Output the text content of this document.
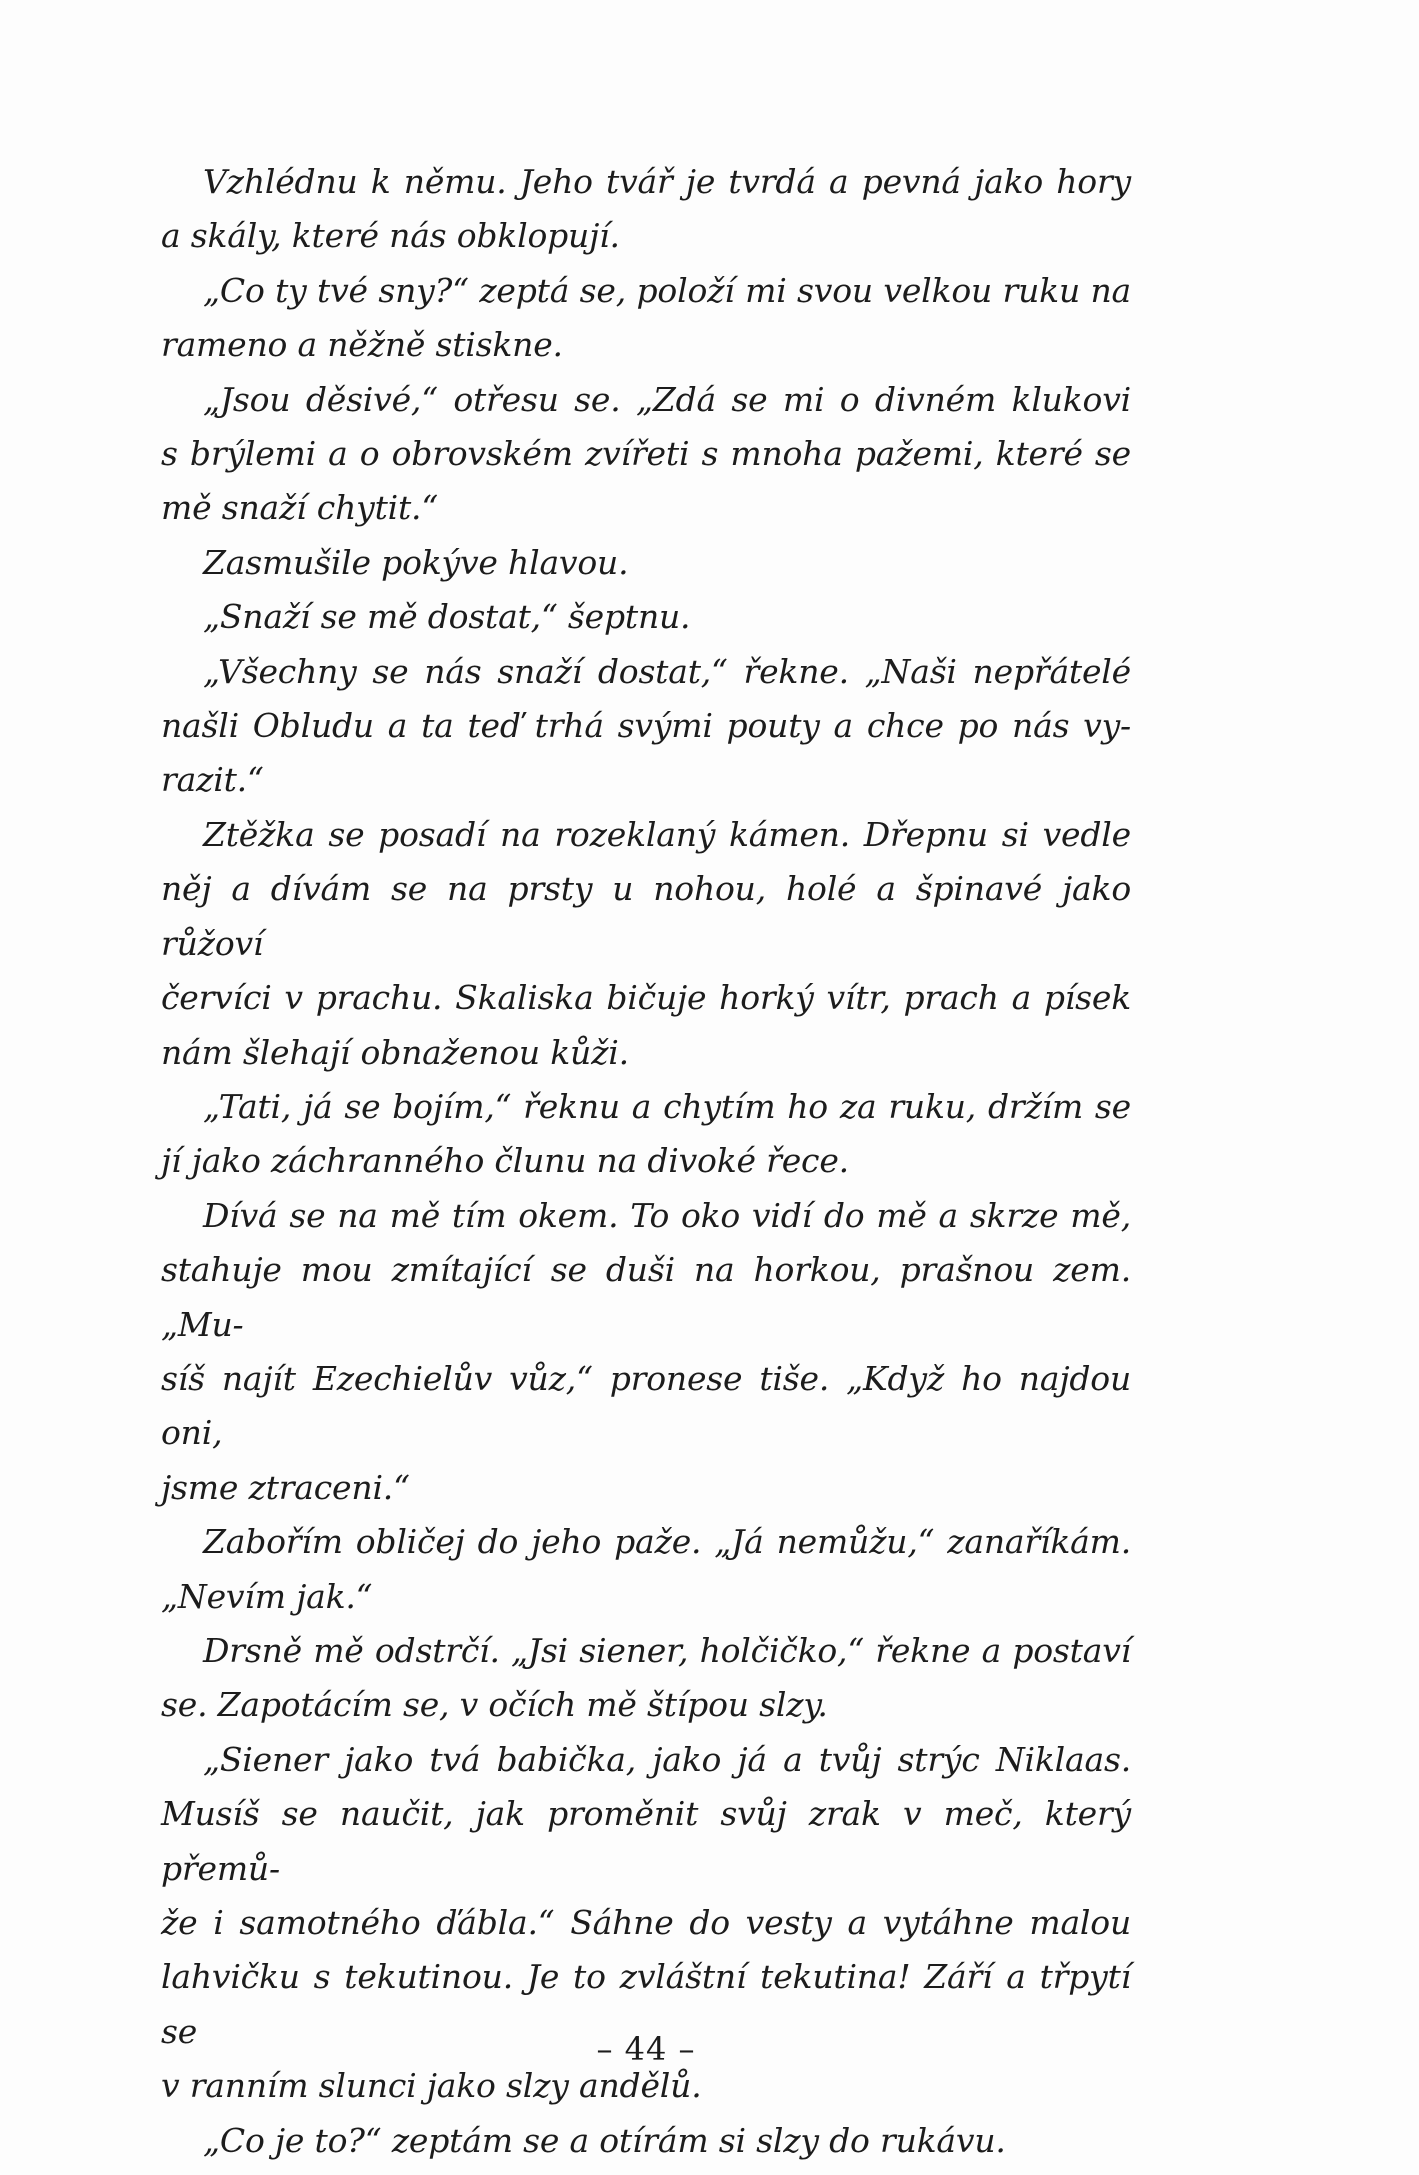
Vzhlédnu k němu. Jeho tvář je tvrdá a pevná jako hory
a skály, které nás obklopují.

„Co ty tvé sny?“ zeptá se, položí mi svou velkou ruku na
rameno a něžně stiskne.

„Jsou děsivé,“ otřesu se. „Zdá se mi o divném klukovi
s brýlemi a o obrovském zvířeti s mnoha pažemi, které se
mě snaží chytit.“

Zasmušile pokýve hlavou.

„Snaží se mě dostat,“ šeptnu.

„Všechny se nás snaží dostat,“ řekne. „Naši nepřátelé
našli Obludu a ta teď trhá svými pouty a chce po nás vy-
razit.“

Ztěžka se posadí na rozeklaný kámen. Dřepnu si vedle
něj a dívám se na prsty u nohou, holé a špinavé jako růžoví
červíci v prachu. Skaliska bičuje horký vítr, prach a písek
nám šlehají obnaženou kůži.

„Tati, já se bojím,“ řeknu a chytím ho za ruku, držím se
jí jako záchranného člunu na divoké řece.

Dívá se na mě tím okem. To oko vidí do mě a skrze mě,
stahuje mou zmítající se duši na horkou, prašnou zem. „Mu-
síš najít Ezechielův vůz,“ pronese tiše. „Když ho najdou oni,
jsme ztraceni.“

Zabořím obličej do jeho paže. „Já nemůžu,“ zanaříkám.
„Nevím jak.“

Drsně mě odstrčí. „Jsi siener, holčičko,“ řekne a postaví
se. Zapotácím se, v očích mě štípou slzy.

„Siener jako tvá babička, jako já a tvůj strýc Niklaas.
Musíš se naučit, jak proměnit svůj zrak v meč, který přemů-
že i samotného ďábla.“ Sáhne do vesty a vytáhne malou
lahvičku s tekutinou. Je to zvláštní tekutina! Září a třpytí se
v ranním slunci jako slzy andělů.

„Co je to?“ zeptám se a otírám si slzy do rukávu.

– 44 –
